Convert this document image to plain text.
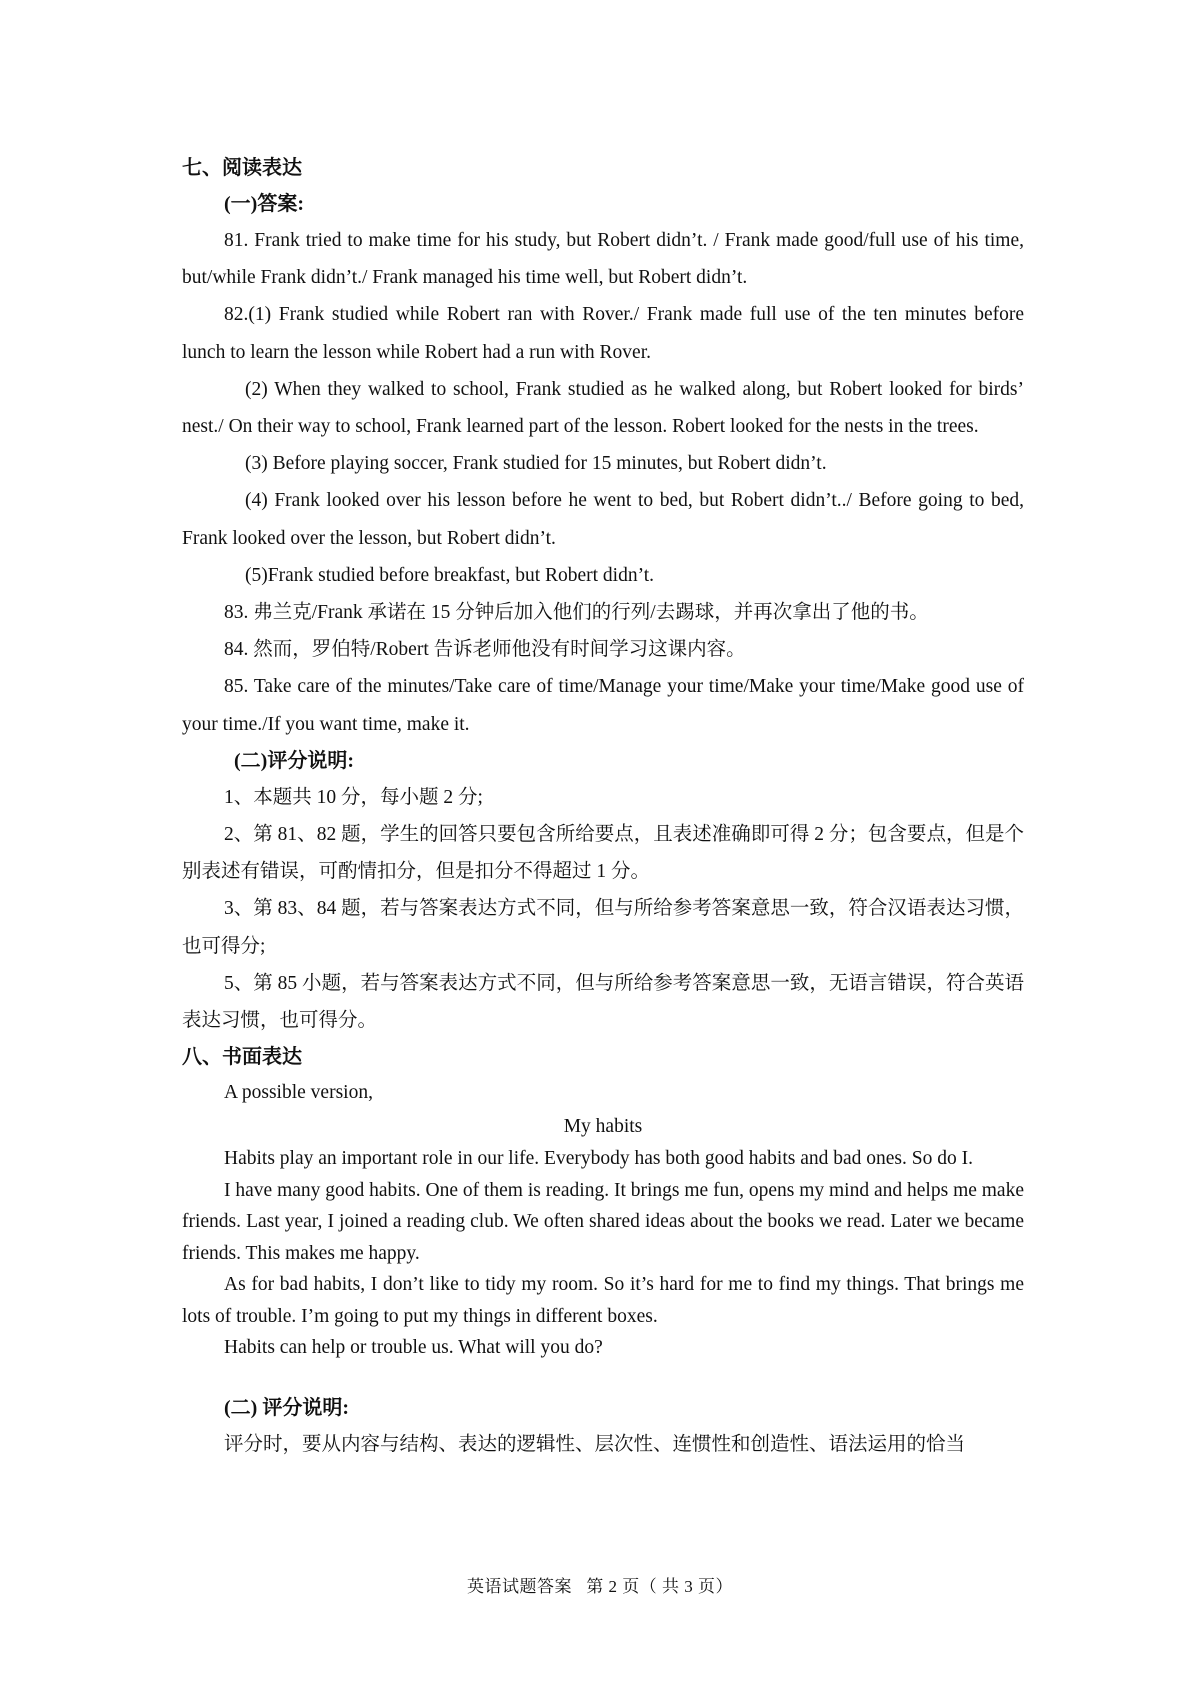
七、阅读表达

(一)答案:

81. Frank tried to make time for his study, but Robert didn’t. / Frank made good/full use of his time, but/while Frank didn’t./ Frank managed his time well, but Robert didn’t.

82.(1) Frank studied while Robert ran with Rover./ Frank made full use of the ten minutes before lunch to learn the lesson while Robert had a run with Rover.

(2) When they walked to school, Frank studied as he walked along, but Robert looked for birds’ nest./ On their way to school, Frank learned part of the lesson. Robert looked for the nests in the trees.

(3) Before playing soccer, Frank studied for 15 minutes, but Robert didn’t.

(4) Frank looked over his lesson before he went to bed, but Robert didn’t../ Before going to bed, Frank looked over the lesson, but Robert didn’t.

(5)Frank studied before breakfast, but Robert didn’t.

83. 弗兰克/Frank 承诺在 15 分钟后加入他们的行列/去踢球，并再次拿出了他的书。

84. 然而，罗伯特/Robert 告诉老师他没有时间学习这课内容。

85. Take care of the minutes/Take care of time/Manage your time/Make your time/Make good use of your time./If you want time, make it.

(二)评分说明:

1、本题共 10 分，每小题 2 分;

2、第 81、82 题，学生的回答只要包含所给要点，且表述准确即可得 2 分；包含要点，但是个别表述有错误，可酌情扣分，但是扣分不得超过 1 分。

3、第 83、84 题，若与答案表达方式不同，但与所给参考答案意思一致，符合汉语表达习惯，也可得分;

5、第 85 小题，若与答案表达方式不同，但与所给参考答案意思一致，无语言错误，符合英语表达习惯，也可得分。

八、书面表达

A possible version,

My habits

Habits play an important role in our life. Everybody has both good habits and bad ones. So do I.

I have many good habits. One of them is reading. It brings me fun, opens my mind and helps me make friends. Last year, I joined a reading club. We often shared ideas about the books we read. Later we became friends. This makes me happy.

As for bad habits, I don’t like to tidy my room. So it’s hard for me to find my things. That brings me lots of trouble. I’m going to put my things in different boxes.

Habits can help or trouble us. What will you do?

(二) 评分说明:

评分时，要从内容与结构、表达的逻辑性、层次性、连惯性和创造性、语法运用的恰当

英语试题答案   第 2 页（ 共 3 页）
